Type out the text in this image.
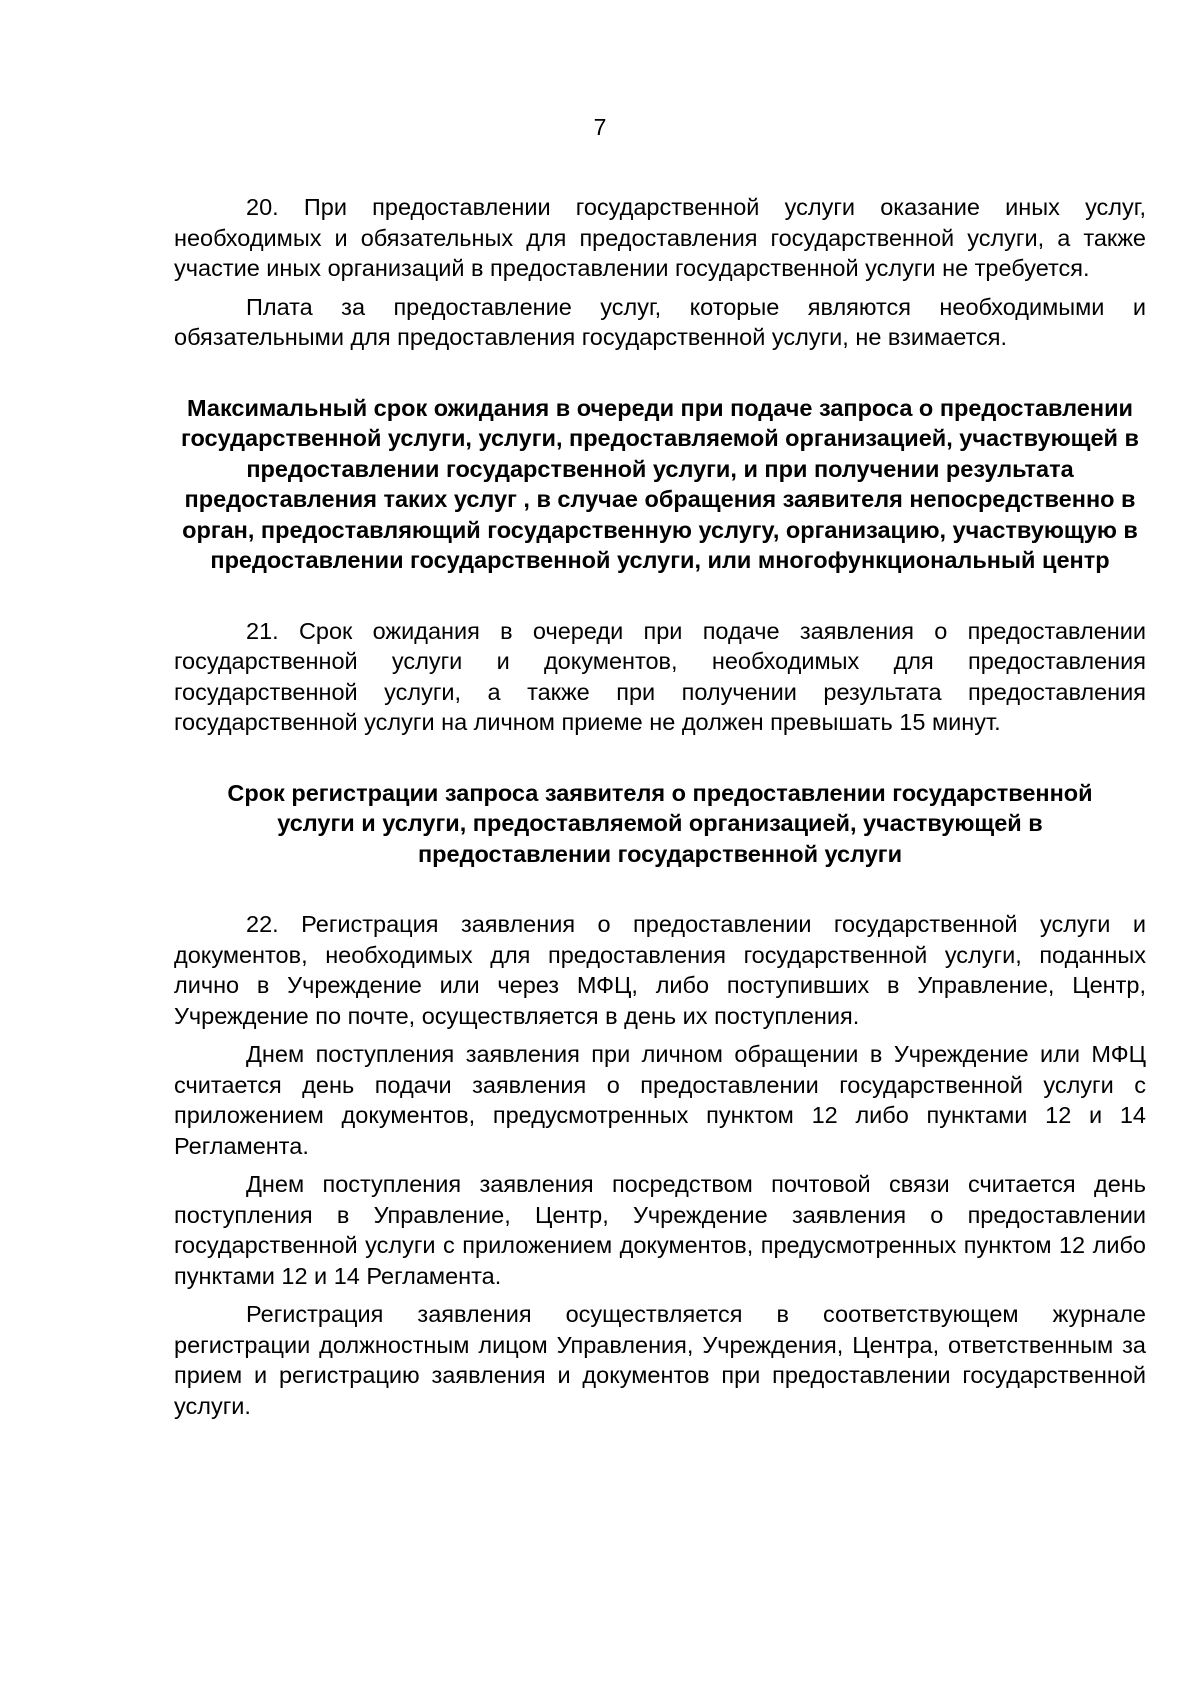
7

20. При предоставлении государственной услуги оказание иных услуг, необходимых и обязательных для предоставления государственной услуги, а также участие иных организаций в предоставлении государственной услуги не требуется.

Плата за предоставление услуг, которые являются необходимыми и обязательными для предоставления государственной услуги, не взимается.

Максимальный срок ожидания в очереди при подаче запроса о предоставлении государственной услуги, услуги, предоставляемой организацией, участвующей в предоставлении государственной услуги, и при получении результата предоставления таких услуг , в случае обращения заявителя непосредственно в орган, предоставляющий государственную услугу, организацию, участвующую в предоставлении государственной услуги, или многофункциональный центр

21. Срок ожидания в очереди при подаче заявления о предоставлении государственной услуги и документов, необходимых для предоставления государственной услуги, а также при получении результата предоставления государственной услуги на личном приеме не должен превышать 15 минут.

Срок регистрации запроса заявителя о предоставлении государственной услуги и услуги, предоставляемой организацией, участвующей в предоставлении государственной услуги

22. Регистрация заявления о предоставлении государственной услуги и документов, необходимых для предоставления государственной услуги, поданных лично в Учреждение или через МФЦ, либо поступивших в Управление, Центр, Учреждение по почте, осуществляется в день их поступления.

Днем поступления заявления при личном обращении в Учреждение или МФЦ считается день подачи заявления о предоставлении государственной услуги с приложением документов, предусмотренных пунктом 12 либо пунктами 12 и 14 Регламента.

Днем поступления заявления посредством почтовой связи считается день поступления в Управление, Центр, Учреждение заявления о предоставлении государственной услуги с приложением документов, предусмотренных пунктом 12 либо пунктами 12 и 14 Регламента.

Регистрация заявления осуществляется в соответствующем журнале регистрации должностным лицом Управления, Учреждения, Центра, ответственным за прием и регистрацию заявления и документов при предоставлении государственной услуги.
